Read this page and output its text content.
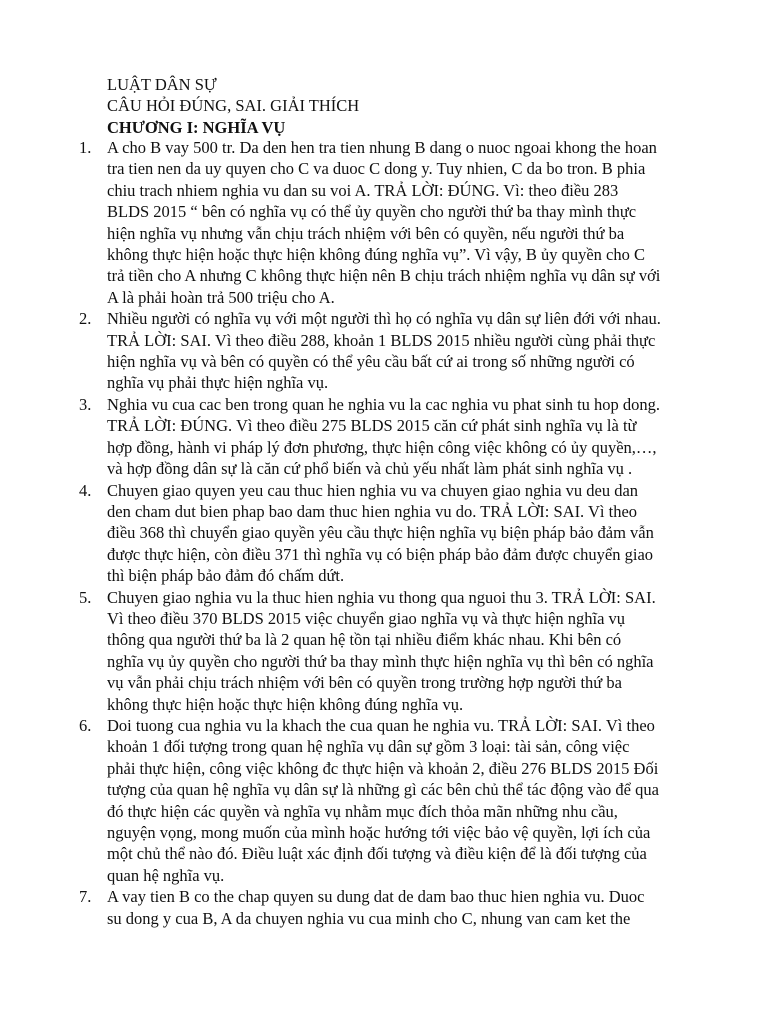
LUẬT DÂN SỰ
CÂU HỎI ĐÚNG, SAI. GIẢI THÍCH
CHƯƠNG I: NGHĨA VỤ
1. A cho B vay 500 tr. Da den hen tra tien nhung B dang o nuoc ngoai khong the hoan
tra tien nen da uy quyen cho C va duoc C dong y. Tuy nhien, C da bo tron. B phia
chiu trach nhiem nghia vu dan su voi A. TRẢ LỜI: ĐÚNG. Vì: theo điều 283
BLDS 2015 “ bên có nghĩa vụ có thể ủy quyền cho người thứ ba thay mình thực
hiện nghĩa vụ nhưng vẫn chịu trách nhiệm với bên có quyền, nếu người thứ ba
không thực hiện hoặc thực hiện không đúng nghĩa vụ”. Vì vậy, B ủy quyền cho C
trả tiền cho A nhưng C không thực hiện nên B chịu trách nhiệm nghĩa vụ dân sự với
A là phải hoàn trả 500 triệu cho A.
2. Nhiều người có nghĩa vụ với một người thì họ có nghĩa vụ dân sự liên đới với nhau.
TRẢ LỜI: SAI. Vì theo điều 288, khoản 1 BLDS 2015 nhiều người cùng phải thực
hiện nghĩa vụ và bên có quyền có thể yêu cầu bất cứ ai trong số những người có
nghĩa vụ phải thực hiện nghĩa vụ.
3. Nghia vu cua cac ben trong quan he nghia vu la cac nghia vu phat sinh tu hop dong.
TRẢ LỜI: ĐÚNG. Vì theo điều 275 BLDS 2015 căn cứ phát sinh nghĩa vụ là từ
hợp đồng, hành vi pháp lý đơn phương, thực hiện công việc không có ủy quyền,…,
và hợp đồng dân sự là căn cứ phổ biến và chủ yếu nhất làm phát sinh nghĩa vụ .
4. Chuyen giao quyen yeu cau thuc hien nghia vu va chuyen giao nghia vu deu dan
den cham dut bien phap bao dam thuc hien nghia vu do. TRẢ LỜI: SAI. Vì theo
điều 368 thì chuyển giao quyền yêu cầu thực hiện nghĩa vụ biện pháp bảo đảm vẫn
được thực hiện, còn điều 371 thì nghĩa vụ có biện pháp bảo đảm được chuyển giao
thì biện pháp bảo đảm đó chấm dứt.
5. Chuyen giao nghia vu la thuc hien nghia vu thong qua nguoi thu 3. TRẢ LỜI: SAI.
Vì theo điều 370 BLDS 2015 việc chuyển giao nghĩa vụ và thực hiện nghĩa vụ
thông qua người thứ ba là 2 quan hệ tồn tại nhiều điểm khác nhau. Khi bên có
nghĩa vụ ủy quyền cho người thứ ba thay mình thực hiện nghĩa vụ thì bên có nghĩa
vụ vẫn phải chịu trách nhiệm với bên có quyền trong trường hợp người thứ ba
không thực hiện hoặc thực hiện không đúng nghĩa vụ.
6. Doi tuong cua nghia vu la khach the cua quan he nghia vu. TRẢ LỜI: SAI. Vì theo
khoản 1 đối tượng trong quan hệ nghĩa vụ dân sự gồm 3 loại: tài sản, công việc
phải thực hiện, công việc không đc thực hiện và khoản 2, điều 276 BLDS 2015 Đối
tượng của quan hệ nghĩa vụ dân sự là những gì các bên chủ thể tác động vào để qua
đó thực hiện các quyền và nghĩa vụ nhằm mục đích thỏa mãn những nhu cầu,
nguyện vọng, mong muốn của mình hoặc hướng tới việc bảo vệ quyền, lợi ích của
một chủ thể nào đó. Điều luật xác định đối tượng và điều kiện để là đối tượng của
quan hệ nghĩa vụ.
7. A vay tien B co the chap quyen su dung dat de dam bao thuc hien nghia vu. Duoc
su dong y cua B, A da chuyen nghia vu cua minh cho C, nhung van cam ket the
